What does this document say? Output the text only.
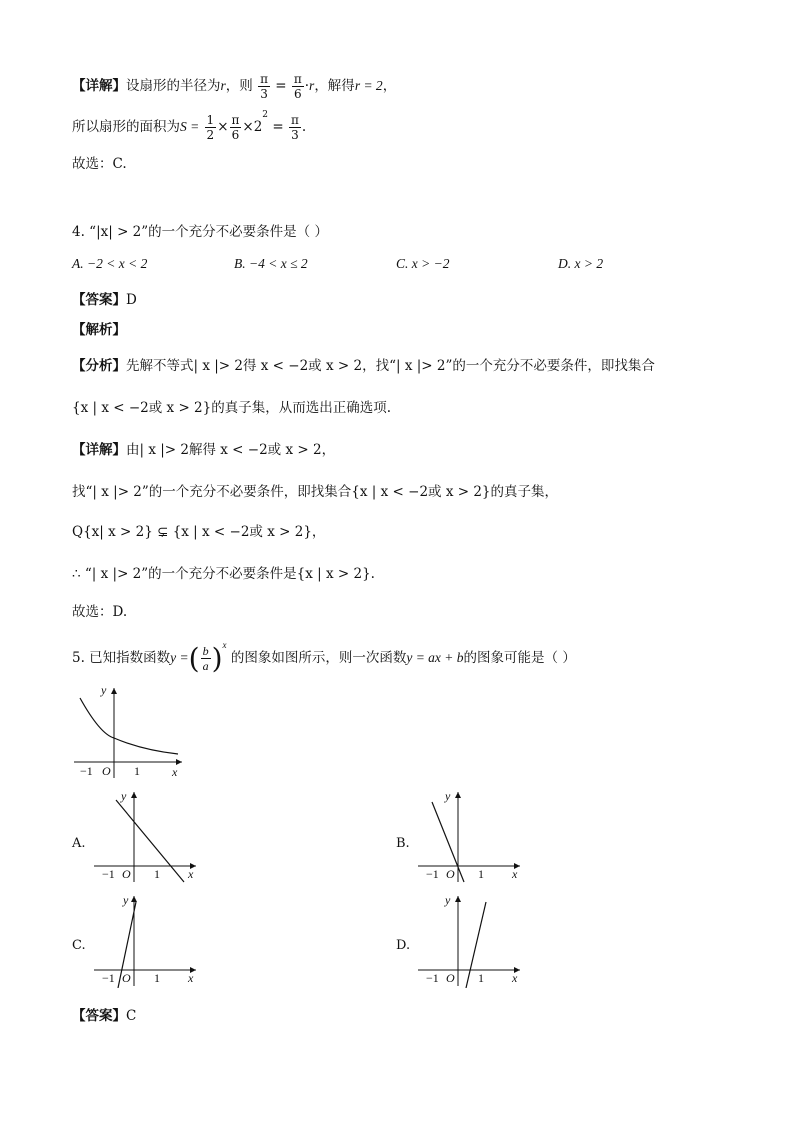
【详解】设扇形的半径为r，则 $\frac{\pi}{3} = \frac{\pi}{6} \cdot r$，解得r = 2，
所以扇形的面积为$S = \frac{1}{2} \times \frac{\pi}{6} \times 2^2 = \frac{\pi}{3}$ .
故选：C.
4. “|x| > 2”的一个充分不必要条件是（ ）
A. −2 < x < 2	B. −4 < x ≤ 2	C. x > −2	D. x > 2
【答案】D
【解析】
【分析】先解不等式| x |> 2得 x < −2或 x > 2，找“| x |> 2”的一个充分不必要条件，即找集合
{x | x < −2或 x > 2}的真子集，从而选出正确选项.
【详解】由| x |> 2解得 x < −2或 x > 2，
找“| x |> 2”的一个充分不必要条件，即找集合{x | x < −2或 x > 2}的真子集，
Q{x| x > 2} ⊊ {x | x < −2或 x > 2}，
∴ “| x |> 2”的一个充分不必要条件是{x | x > 2}.
故选：D.
5. 已知指数函数y =( $\frac{b}{a} )^x$ 的图象如图所示，则一次函数y = ax + b的图象可能是（ ）
y
x
O
−1	1
A.
y
x
O
−1	1
B.
y
x
O
−1	1
C.
y
x
O
−1	1
D.
y
x
O
−1	1
【答案】C
